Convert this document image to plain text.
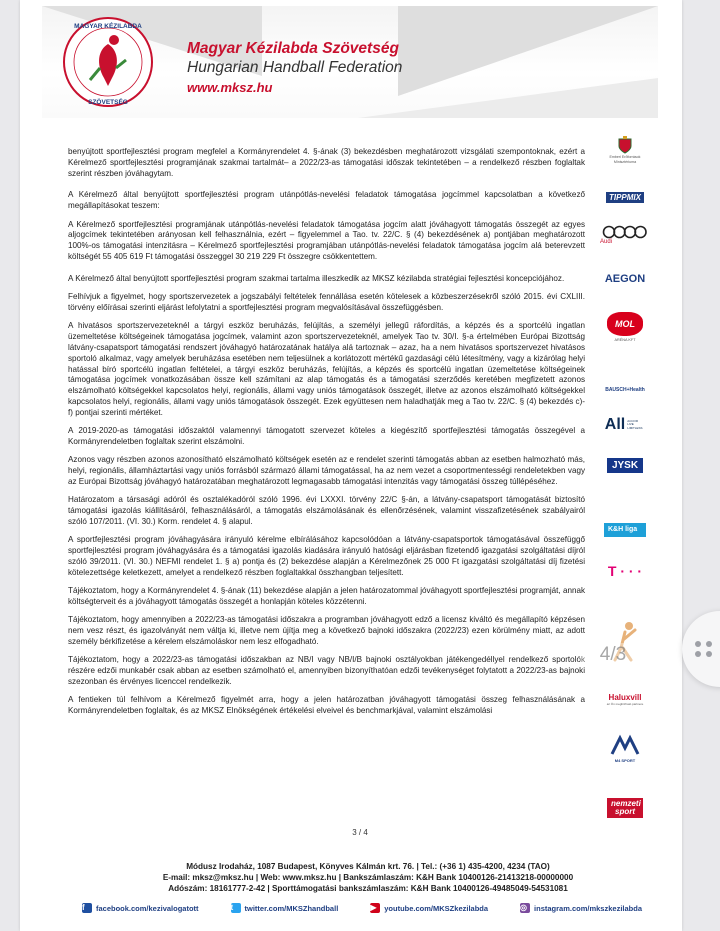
MAGYAR KÉZILABDA
SZÖVETSÉG
Magyar Kézilabda Szövetség
Hungarian Handball Federation
www.mksz.hu

benyújtott sportfejlesztési program megfelel a Kormányrendelet 4. §-ának (3) bekezdésben meghatározott vizsgálati szempontoknak, ezért a Kérelmező sportfejlesztési programjának szakmai tartalmát– a 2022/23-as támogatási időszak tekintetében – a rendelkező részben foglaltak szerint részben jóváhagytam.

A Kérelmező által benyújtott sportfejlesztési program utánpótlás-nevelési feladatok támogatása jogcímmel kapcsolatban a következő megállapításokat teszem:

A Kérelmező sportfejlesztési programjának utánpótlás-nevelési feladatok támogatása jogcím alatt jóváhagyott támogatás összegét az egyes aljogcímek tekintetében arányosan kell felhasználnia, ezért – figyelemmel a Tao. tv. 22/C. § (4) bekezdésének a) pontjában meghatározott 100%-os támogatási intenzitásra – Kérelmező sportfejlesztési programjában utánpótlás-nevelési feladatok támogatása jogcím alá beterevzett költségét 55 405 619 Ft támogatási összeggel 30 219 229 Ft összegre csökkentettem.

A Kérelmező által benyújtott sportfejlesztési program szakmai tartalma illeszkedik az MKSZ kézilabda stratégiai fejlesztési koncepciójához.

Felhívjuk a figyelmet, hogy sportszervezetek a jogszabályi feltételek fennállása esetén kötelesek a közbeszerzésekről szóló 2015. évi CXLIII. törvény előírásai szerinti eljárást lefolytatni a sportfejlesztési program megvalósításával összefüggésben.

A hivatásos sportszervezeteknél a tárgyi eszköz beruházás, felújítás, a személyi jellegű ráfordítás, a képzés és a sportcélú ingatlan üzemeltetése költségeinek támogatása jogcímek, valamint azon sportszervezeteknél, amelyek Tao tv. 30/I. §-a értelmében Európai Bizottság látvány-csapatsport támogatási rendszert jóváhagyó határozatának hatálya alá tartoznak – azaz, ha a nem hivatásos sportszervezet hivatásos sportoló alkalmaz, vagy amelyek beruházása esetében nem teljesülnek a korlátozott mértékű gazdasági célú létesítmény, vagy a kizárólag helyi hatással bíró sportcélú ingatlan feltételei, a tárgyi eszköz beruházás, felújítás, a képzés és sportcélú ingatlan üzemeltetése költségeinek támogatása jogcímek vonatkozásában össze kell számítani az alap támogatás és a támogatási szerződés keretében megfizetett azonos elszámolható költségekkel kapcsolatos helyi, regionális, állami vagy uniós támogatások összegét, illetve az azonos elszámolható költségekkel kapcsolatos helyi, regionális, állami vagy uniós támogatások összegét. Ezek együttesen nem haladhatják meg a Tao tv. 22/C. § (4) bekezdés c)-f) pontjai szerinti mértéket.

A 2019-2020-as támogatási időszaktól valamennyi támogatott szervezet köteles a kiegészítő sportfejlesztési támogatás összegével a Kormányrendeletben foglaltak szerint elszámolni.

Azonos vagy részben azonos azonosítható elszámolható költségek esetén az e rendelet szerinti támogatás abban az esetben halmozható más, helyi, regionális, államháztartási vagy uniós forrásból származó állami támogatással, ha az nem vezet a csoportmentességi rendeletekben vagy az Európai Bizottság jóváhagyó határozatában meghatározott legmagasabb támogatási intenzitás vagy támogatási összeg túllépéséhez.

Határozatom a társasági adóról és osztalékadóról szóló 1996. évi LXXXI. törvény 22/C §-án, a látvány-csapatsport támogatását biztosító támogatási igazolás kiállításáról, felhasználásáról, a támogatás elszámolásának és ellenőrzésének, valamint visszafizetésének szabályairól szóló 107/2011. (VI. 30.) Korm. rendelet 4. § alapul.

A sportfejlesztési program jóváhagyására irányuló kérelme elbírálásához kapcsolódóan a látvány-csapatsportok támogatásával összefüggő sportfejlesztési program jóváhagyására és a támogatási igazolás kiadására irányuló hatósági eljárásban fizetendő igazgatási szolgáltatási díjról szóló 39/2011. (VI. 30.) NEFMI rendelet 1. § a) pontja és (2) bekezdése alapján a Kérelmezőnek 25 000 Ft igazgatási szolgáltatási díj fizetési kötelezettsége keletkezett, amelyet a rendelkező részben foglaltakkal összhangban teljesített.

Tájékoztatom, hogy a Kormányrendelet 4. §-ának (11) bekezdése alapján a jelen határozatommal jóváhagyott sportfejlesztési programját, annak költségterveit és a jóváhagyott támogatás összegét a honlapján köteles közzétenni.

Tájékoztatom, hogy amennyiben a 2022/23-as támogatási időszakra a programban jóváhagyott edző a licensz kiváltó és megállapító képzésen nem vesz részt, és igazolványát nem váltja ki, illetve nem újítja meg a következő bajnoki időszakra (2022/23) ezen körülmény miatt, az adott személy bérkifizetése a kérelem elszámoláskor nem lesz elfogadható.

Tájékoztatom, hogy a 2022/23-as támogatási időszakban az NB/I vagy NB/I/B bajnoki osztályokban játékengedéllyel rendelkező sportolók részére edzői munkabér csak abban az esetben számolható el, amennyiben bizonyíthatóan edzői tevékenységet folytatott a 2022/23-as bajnoki szezonban és érvényes licenccel rendelkezik.

A fentieken túl felhívom a Kérelmező figyelmét arra, hogy a jelen határozatban jóváhagyott támogatási összeg felhasználásának a Kormányrendeletben foglaltak, és az MKSZ Elnökségének értékelési elveivel és benchmarkjával, valamint elszámolási

Emberi Erőforrások Minisztériuma
TIPPMIX
Audi
AEGON
MOL
ARÉNA KFT
BAUSCH+Health
All ACCOR LIVE LIMITLESS
JYSK
K&H liga
T · · ·
Haluxvill
az Ön megbízható partnere
M4 SPORT
nemzeti sport
3 / 4
Módusz Irodaház, 1087 Budapest, Könyves Kálmán krt. 76. | Tel.: (+36 1) 435-4200, 4234 (TAO)
E-mail: mksz@mksz.hu | Web: www.mksz.hu | Bankszámlaszám: K&H Bank 10400126-21413218-00000000
Adószám: 18161777-2-42 | Sporttámogatási bankszámlaszám: K&H Bank 10400126-49485049-54531081
f	facebook.com/kezivalogatott	t	twitter.com/MKSZhandball	▶	youtube.com/MKSZkezilabda	◎ instagram.com/mkszkezilabda
4/3
